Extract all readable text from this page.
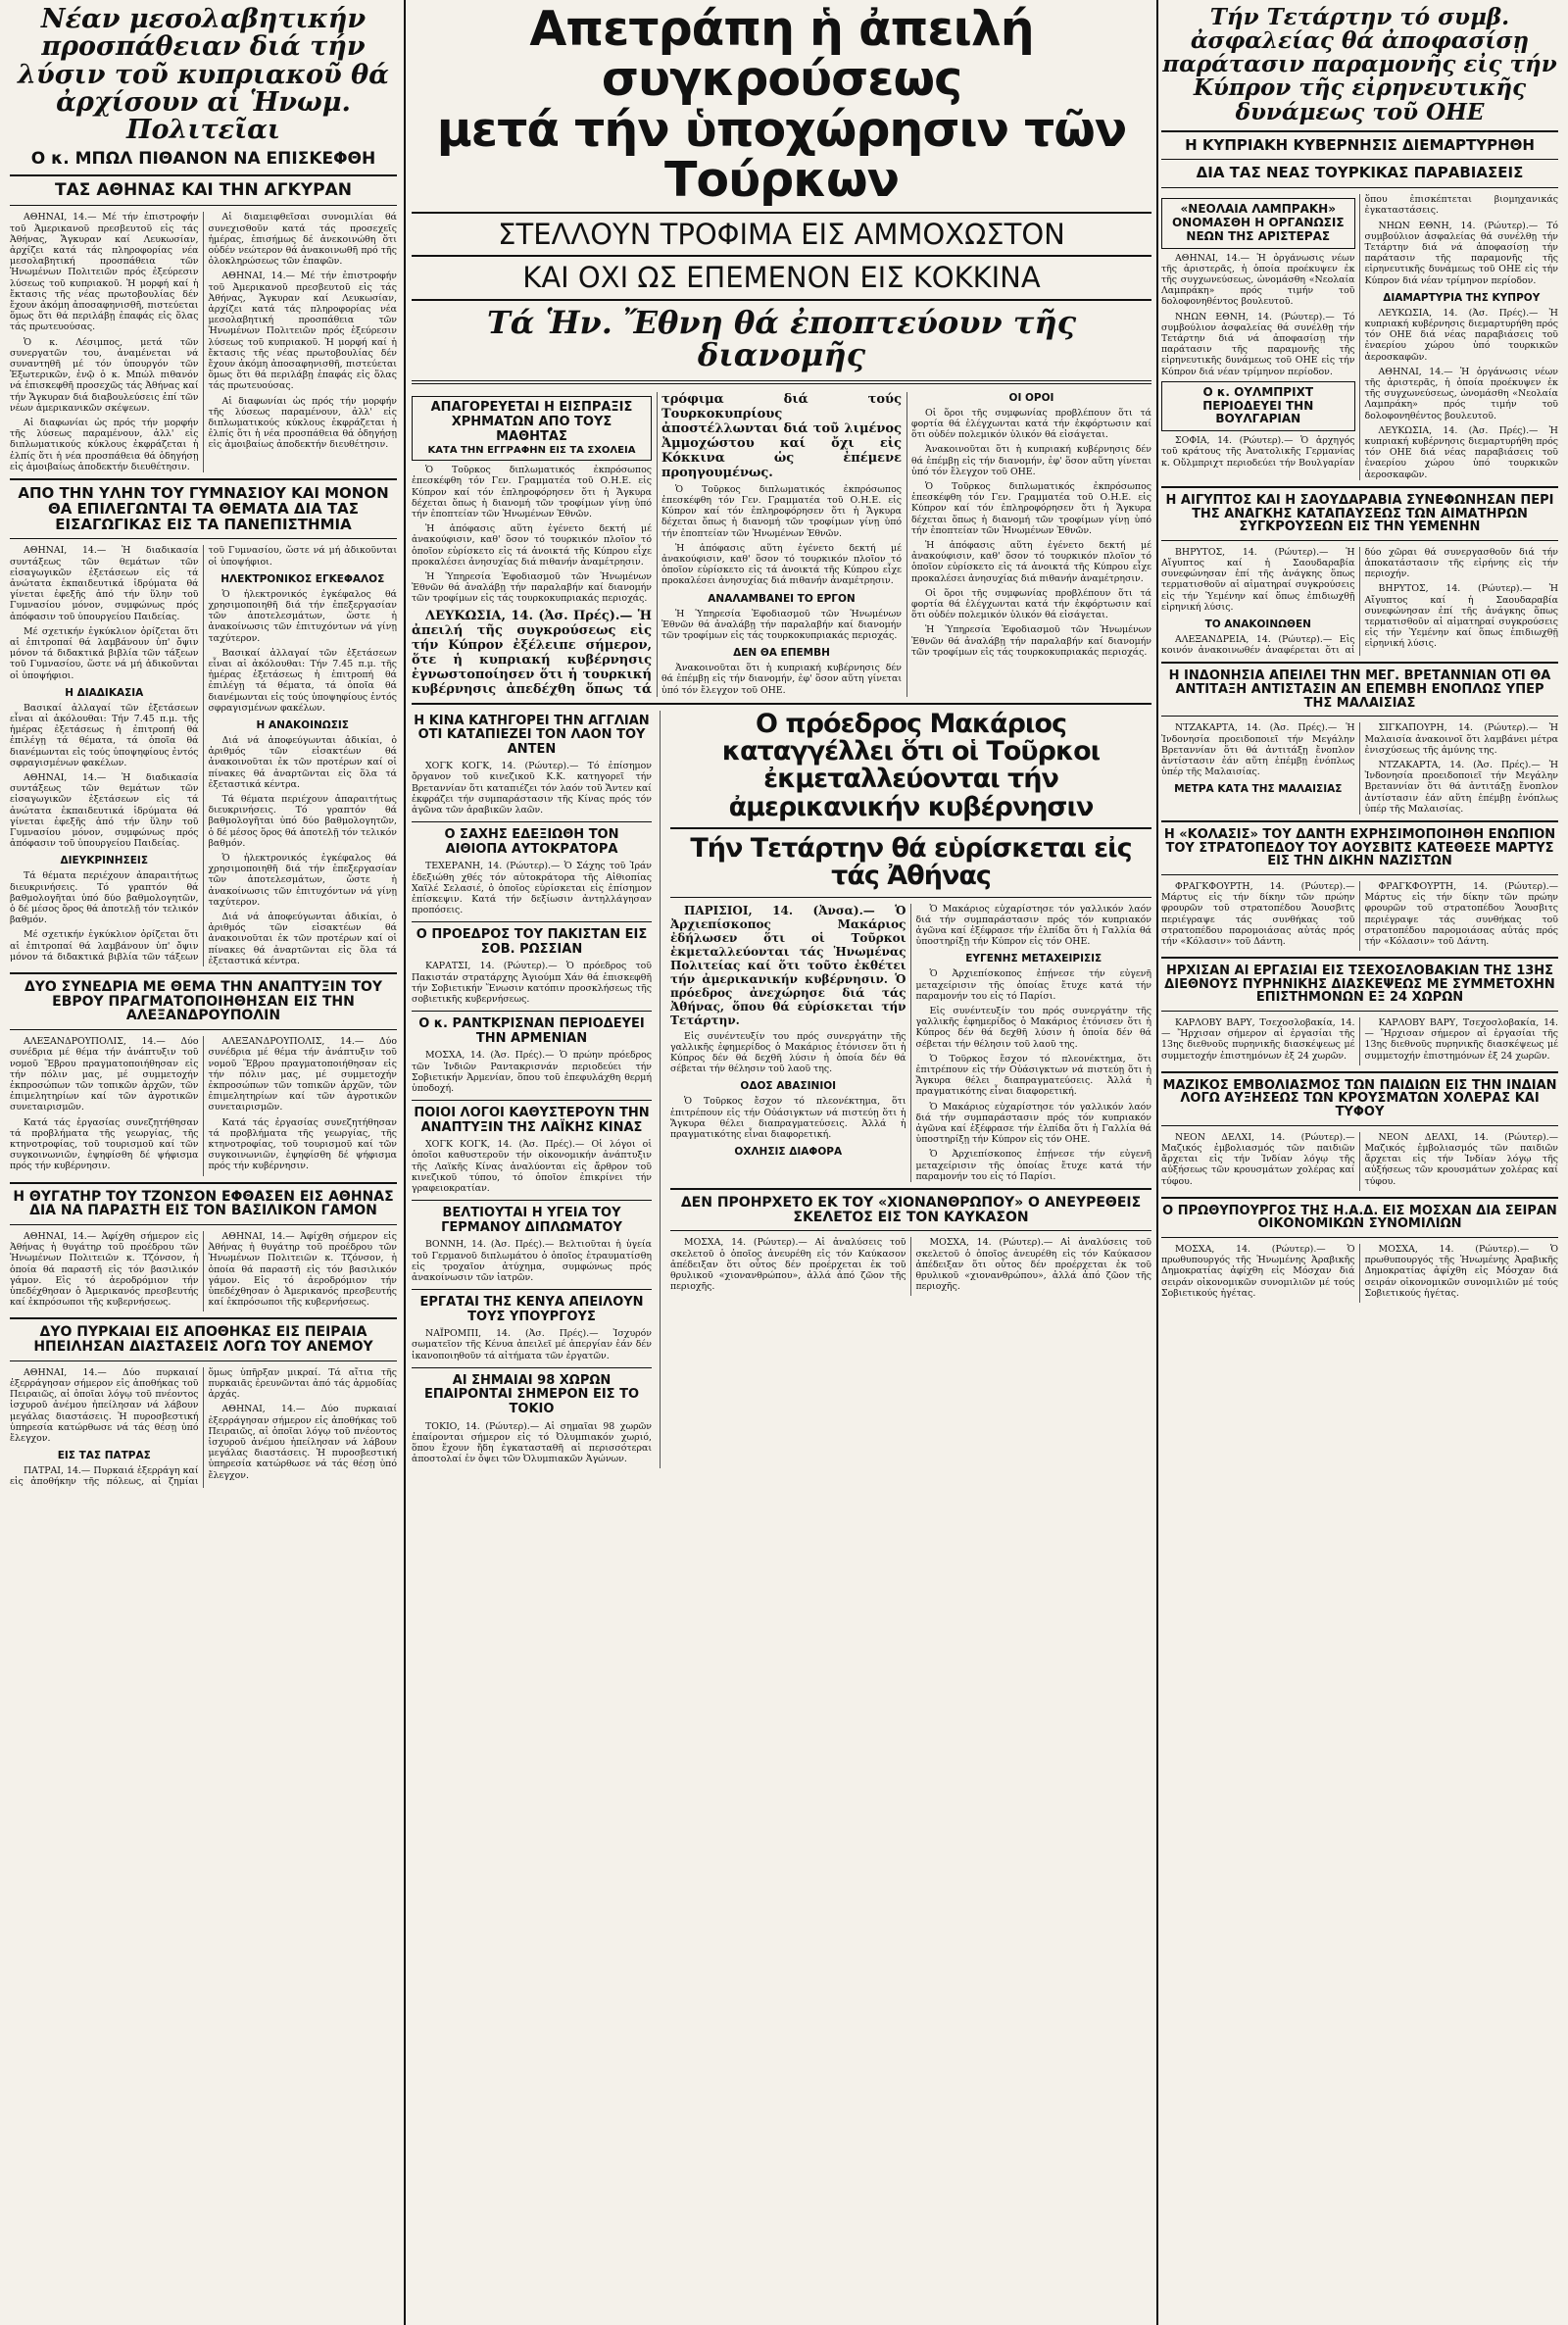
Νέαν μεσολαβητικήν προσπάθειαν διά τήν λύσιν τοῦ κυπριακοῦ θά ἀρχίσουν αἱ Ἡνωμ. Πολιτεῖαι
Ο κ. ΜΠΩΛ ΠΙΘΑΝΟΝ ΝΑ ΕΠΙΣΚΕΦΘΗ
ΤΑΣ ΑΘΗΝΑΣ ΚΑΙ ΤΗΝ ΑΓΚΥΡΑΝ

ΑΘΗΝΑΙ, 14.— Μέ τήν ἐπιστροφήν τοῦ Ἀμερικανοῦ πρεσβευτοῦ εἰς τάς Ἀθήνας, Ἄγκυραν καί Λευκωσίαν, ἀρχίζει κατά τάς πληροφορίας νέα μεσολαβητική προσπάθεια τῶν Ἡνωμένων Πολιτειῶν πρός ἐξεύρεσιν λύσεως τοῦ κυπριακοῦ. Ἡ μορφή καί ἡ ἔκτασις τῆς νέας πρωτοβουλίας δέν ἔχουν ἀκόμη ἀποσαφηνισθῆ, πιστεύεται ὅμως ὅτι θά περιλάβῃ ἐπαφάς εἰς ὅλας τάς πρωτευούσας.

Ὁ κ. Λέσιμπος, μετά τῶν συνεργατῶν του, ἀναμένεται νά συναντηθῆ μέ τόν ὑπουργόν τῶν Ἐξωτερικῶν, ἐνῷ ὁ κ. Μπώλ πιθανόν νά ἐπισκεφθῆ προσεχῶς τάς Ἀθήνας καί τήν Ἄγκυραν διά διαβουλεύσεις ἐπί τῶν νέων ἀμερικανικῶν σκέψεων.

Αἱ διαφωνίαι ὡς πρός τήν μορφήν τῆς λύσεως παραμένουν, ἀλλ' εἰς διπλωματικούς κύκλους ἐκφράζεται ἡ ἐλπίς ὅτι ἡ νέα προσπάθεια θά ὁδηγήσῃ εἰς ἀμοιβαίως ἀποδεκτήν διευθέτησιν.

Αἱ διαμειφθεῖσαι συνομιλίαι θά συνεχισθοῦν κατά τάς προσεχεῖς ἡμέρας, ἐπισήμως δέ ἀνεκοινώθη ὅτι οὐδέν νεώτερον θά ἀνακοινωθῆ πρό τῆς ὁλοκληρώσεως τῶν ἐπαφῶν.

ΑΘΗΝΑΙ, 14.— Μέ τήν ἐπιστροφήν τοῦ Ἀμερικανοῦ πρεσβευτοῦ εἰς τάς Ἀθήνας, Ἄγκυραν καί Λευκωσίαν, ἀρχίζει κατά τάς πληροφορίας νέα μεσολαβητική προσπάθεια τῶν Ἡνωμένων Πολιτειῶν πρός ἐξεύρεσιν λύσεως τοῦ κυπριακοῦ. Ἡ μορφή καί ἡ ἔκτασις τῆς νέας πρωτοβουλίας δέν ἔχουν ἀκόμη ἀποσαφηνισθῆ, πιστεύεται ὅμως ὅτι θά περιλάβῃ ἐπαφάς εἰς ὅλας τάς πρωτευούσας.

Αἱ διαφωνίαι ὡς πρός τήν μορφήν τῆς λύσεως παραμένουν, ἀλλ' εἰς διπλωματικούς κύκλους ἐκφράζεται ἡ ἐλπίς ὅτι ἡ νέα προσπάθεια θά ὁδηγήσῃ εἰς ἀμοιβαίως ἀποδεκτήν διευθέτησιν.

ΑΠΟ ΤΗΝ ΥΛΗΝ ΤΟΥ ΓΥΜΝΑΣΙΟΥ ΚΑΙ ΜΟΝΟΝ ΘΑ ΕΠΙΛΕΓΩΝΤΑΙ ΤΑ ΘΕΜΑΤΑ ΔΙΑ ΤΑΣ ΕΙΣΑΓΩΓΙΚΑΣ ΕΙΣ ΤΑ ΠΑΝΕΠΙΣΤΗΜΙΑ

ΑΘΗΝΑΙ, 14.— Ἡ διαδικασία συντάξεως τῶν θεμάτων τῶν εἰσαγωγικῶν ἐξετάσεων εἰς τά ἀνώτατα ἐκπαιδευτικά ἱδρύματα θά γίνεται ἐφεξῆς ἀπό τήν ὕλην τοῦ Γυμνασίου μόνον, συμφώνως πρός ἀπόφασιν τοῦ ὑπουργείου Παιδείας.

Μέ σχετικήν ἐγκύκλιον ὁρίζεται ὅτι αἱ ἐπιτροπαί θά λαμβάνουν ὑπ' ὄψιν μόνον τά διδακτικά βιβλία τῶν τάξεων τοῦ Γυμνασίου, ὥστε νά μή ἀδικοῦνται οἱ ὑποψήφιοι.

Η ΔΙΑΔΙΚΑΣΙΑ

Βασικαί ἀλλαγαί τῶν ἐξετάσεων εἶναι αἱ ἀκόλουθαι: Τήν 7.45 π.μ. τῆς ἡμέρας ἐξετάσεως ἡ ἐπιτροπή θά ἐπιλέγῃ τά θέματα, τά ὁποῖα θά διανέμωνται εἰς τούς ὑποψηφίους ἐντός σφραγισμένων φακέλων.

ΑΘΗΝΑΙ, 14.— Ἡ διαδικασία συντάξεως τῶν θεμάτων τῶν εἰσαγωγικῶν ἐξετάσεων εἰς τά ἀνώτατα ἐκπαιδευτικά ἱδρύματα θά γίνεται ἐφεξῆς ἀπό τήν ὕλην τοῦ Γυμνασίου μόνον, συμφώνως πρός ἀπόφασιν τοῦ ὑπουργείου Παιδείας.

ΔΙΕΥΚΡΙΝΗΣΕΙΣ

Τά θέματα περιέχουν ἀπαραιτήτως διευκρινήσεις. Τό γραπτόν θά βαθμολογῆται ὑπό δύο βαθμολογητῶν, ὁ δέ μέσος ὅρος θά ἀποτελῇ τόν τελικόν βαθμόν.

Μέ σχετικήν ἐγκύκλιον ὁρίζεται ὅτι αἱ ἐπιτροπαί θά λαμβάνουν ὑπ' ὄψιν μόνον τά διδακτικά βιβλία τῶν τάξεων τοῦ Γυμνασίου, ὥστε νά μή ἀδικοῦνται οἱ ὑποψήφιοι.

ΗΛΕΚΤΡΟΝΙΚΟΣ ΕΓΚΕΦΑΛΟΣ

Ὁ ἠλεκτρονικός ἐγκέφαλος θά χρησιμοποιηθῆ διά τήν ἐπεξεργασίαν τῶν ἀποτελεσμάτων, ὥστε ἡ ἀνακοίνωσις τῶν ἐπιτυχόντων νά γίνῃ ταχύτερον.

Βασικαί ἀλλαγαί τῶν ἐξετάσεων εἶναι αἱ ἀκόλουθαι: Τήν 7.45 π.μ. τῆς ἡμέρας ἐξετάσεως ἡ ἐπιτροπή θά ἐπιλέγῃ τά θέματα, τά ὁποῖα θά διανέμωνται εἰς τούς ὑποψηφίους ἐντός σφραγισμένων φακέλων.

Η ΑΝΑΚΟΙΝΩΣΙΣ

Διά νά ἀποφεύγωνται ἀδικίαι, ὁ ἀριθμός τῶν εἰσακτέων θά ἀνακοινοῦται ἐκ τῶν προτέρων καί οἱ πίνακες θά ἀναρτῶνται εἰς ὅλα τά ἐξεταστικά κέντρα.

Τά θέματα περιέχουν ἀπαραιτήτως διευκρινήσεις. Τό γραπτόν θά βαθμολογῆται ὑπό δύο βαθμολογητῶν, ὁ δέ μέσος ὅρος θά ἀποτελῇ τόν τελικόν βαθμόν.

Ὁ ἠλεκτρονικός ἐγκέφαλος θά χρησιμοποιηθῆ διά τήν ἐπεξεργασίαν τῶν ἀποτελεσμάτων, ὥστε ἡ ἀνακοίνωσις τῶν ἐπιτυχόντων νά γίνῃ ταχύτερον.

Διά νά ἀποφεύγωνται ἀδικίαι, ὁ ἀριθμός τῶν εἰσακτέων θά ἀνακοινοῦται ἐκ τῶν προτέρων καί οἱ πίνακες θά ἀναρτῶνται εἰς ὅλα τά ἐξεταστικά κέντρα.

ΔΥΟ ΣΥΝΕΔΡΙΑ ΜΕ ΘΕΜΑ ΤΗΝ ΑΝΑΠΤΥΞΙΝ ΤΟΥ ΕΒΡΟΥ ΠΡΑΓΜΑΤΟΠΟΙΗΘΗΣΑΝ ΕΙΣ ΤΗΝ ΑΛΕΞΑΝΔΡΟΥΠΟΛΙΝ

ΑΛΕΞΑΝΔΡΟΥΠΟΛΙΣ, 14.— Δύο συνέδρια μέ θέμα τήν ἀνάπτυξιν τοῦ νομοῦ Ἕβρου πραγματοποιήθησαν εἰς τήν πόλιν μας, μέ συμμετοχήν ἐκπροσώπων τῶν τοπικῶν ἀρχῶν, τῶν ἐπιμελητηρίων καί τῶν ἀγροτικῶν συνεταιρισμῶν.

Κατά τάς ἐργασίας συνεζητήθησαν τά προβλήματα τῆς γεωργίας, τῆς κτηνοτροφίας, τοῦ τουρισμοῦ καί τῶν συγκοινωνιῶν, ἐψηφίσθη δέ ψήφισμα πρός τήν κυβέρνησιν.

ΑΛΕΞΑΝΔΡΟΥΠΟΛΙΣ, 14.— Δύο συνέδρια μέ θέμα τήν ἀνάπτυξιν τοῦ νομοῦ Ἕβρου πραγματοποιήθησαν εἰς τήν πόλιν μας, μέ συμμετοχήν ἐκπροσώπων τῶν τοπικῶν ἀρχῶν, τῶν ἐπιμελητηρίων καί τῶν ἀγροτικῶν συνεταιρισμῶν.

Κατά τάς ἐργασίας συνεζητήθησαν τά προβλήματα τῆς γεωργίας, τῆς κτηνοτροφίας, τοῦ τουρισμοῦ καί τῶν συγκοινωνιῶν, ἐψηφίσθη δέ ψήφισμα πρός τήν κυβέρνησιν.

Η ΘΥΓΑΤΗΡ ΤΟΥ ΤΖΟΝΣΟΝ ΕΦΘΑΣΕΝ ΕΙΣ ΑΘΗΝΑΣ ΔΙΑ ΝΑ ΠΑΡΑΣΤΗ ΕΙΣ ΤΟΝ ΒΑΣΙΛΙΚΟΝ ΓΑΜΟΝ

ΑΘΗΝΑΙ, 14.— Ἀφίχθη σήμερον εἰς Ἀθήνας ἡ θυγάτηρ τοῦ προέδρου τῶν Ἡνωμένων Πολιτειῶν κ. Τζόνσον, ἡ ὁποία θά παραστῆ εἰς τόν βασιλικόν γάμον. Εἰς τό ἀεροδρόμιον τήν ὑπεδέχθησαν ὁ Ἀμερικανός πρεσβευτής καί ἐκπρόσωποι τῆς κυβερνήσεως.

ΑΘΗΝΑΙ, 14.— Ἀφίχθη σήμερον εἰς Ἀθήνας ἡ θυγάτηρ τοῦ προέδρου τῶν Ἡνωμένων Πολιτειῶν κ. Τζόνσον, ἡ ὁποία θά παραστῆ εἰς τόν βασιλικόν γάμον. Εἰς τό ἀεροδρόμιον τήν ὑπεδέχθησαν ὁ Ἀμερικανός πρεσβευτής καί ἐκπρόσωποι τῆς κυβερνήσεως.

ΔΥΟ ΠΥΡΚΑΙΑΙ ΕΙΣ ΑΠΟΘΗΚΑΣ ΕΙΣ ΠΕΙΡΑΙΑ ΗΠΕΙΛΗΣΑΝ ΔΙΑΣΤΑΣΕΙΣ ΛΟΓΩ ΤΟΥ ΑΝΕΜΟΥ

ΑΘΗΝΑΙ, 14.— Δύο πυρκαιαί ἐξερράγησαν σήμερον εἰς ἀποθήκας τοῦ Πειραιῶς, αἱ ὁποῖαι λόγῳ τοῦ πνέοντος ἰσχυροῦ ἀνέμου ἠπείλησαν νά λάβουν μεγάλας διαστάσεις. Ἡ πυροσβεστική ὑπηρεσία κατώρθωσε νά τάς θέσῃ ὑπό ἔλεγχον.

ΕΙΣ ΤΑΣ ΠΑΤΡΑΣ

ΠΑΤΡΑΙ, 14.— Πυρκαιά ἐξερράγη καί εἰς ἀποθήκην τῆς πόλεως, αἱ ζημίαι ὅμως ὑπῆρξαν μικραί. Τά αἴτια τῆς πυρκαιᾶς ἐρευνῶνται ἀπό τάς ἀρμοδίας ἀρχάς.

ΑΘΗΝΑΙ, 14.— Δύο πυρκαιαί ἐξερράγησαν σήμερον εἰς ἀποθήκας τοῦ Πειραιῶς, αἱ ὁποῖαι λόγῳ τοῦ πνέοντος ἰσχυροῦ ἀνέμου ἠπείλησαν νά λάβουν μεγάλας διαστάσεις. Ἡ πυροσβεστική ὑπηρεσία κατώρθωσε νά τάς θέσῃ ὑπό ἔλεγχον.

Απετράπη ἡ ἀπειλή συγκρούσεως
μετά τήν ὑποχώρησιν τῶν Τούρκων
ΣΤΕΛΛΟΥΝ ΤΡΟΦΙΜΑ ΕΙΣ ΑΜΜΟΧΩΣΤΟΝ
ΚΑΙ ΟΧΙ ΩΣ ΕΠΕΜΕΝΟΝ ΕΙΣ ΚΟΚΚΙΝΑ
Τά Ἡν. Ἔθνη θά ἐποπτεύουν τῆς διανομῆς
ΑΠΑΓΟΡΕΥΕΤΑΙ Η ΕΙΣΠΡΑΞΙΣ ΧΡΗΜΑΤΩΝ ΑΠΟ ΤΟΥΣ ΜΑΘΗΤΑΣ
ΚΑΤΑ ΤΗΝ ΕΓΓΡΑΦΗΝ ΕΙΣ ΤΑ ΣΧΟΛΕΙΑ

Ὁ Τοῦρκος διπλωματικός ἐκπρόσωπος ἐπεσκέφθη τόν Γεν. Γραμματέα τοῦ Ο.Η.Ε. εἰς Κύπρον καί τόν ἐπληροφόρησεν ὅτι ἡ Ἄγκυρα δέχεται ὅπως ἡ διανομή τῶν τροφίμων γίνῃ ὑπό τήν ἐποπτείαν τῶν Ἡνωμένων Ἐθνῶν.

Ἡ ἀπόφασις αὕτη ἐγένετο δεκτή μέ ἀνακούφισιν, καθ' ὅσον τό τουρκικόν πλοῖον τό ὁποῖον εὑρίσκετο εἰς τά ἀνοικτά τῆς Κύπρου εἶχε προκαλέσει ἀνησυχίας διά πιθανήν ἀναμέτρησιν.

Ἡ Ὑπηρεσία Ἐφοδιασμοῦ τῶν Ἡνωμένων Ἐθνῶν θά ἀναλάβῃ τήν παραλαβήν καί διανομήν τῶν τροφίμων εἰς τάς τουρκοκυπριακάς περιοχάς.

ΛΕΥΚΩΣΙΑ, 14. (Ἀσ. Πρές).— Ἡ ἀπειλή τῆς συγκρούσεως εἰς τήν Κύπρον ἐξέλειπε σήμερον, ὅτε ἡ κυπριακή κυβέρνησις ἐγνωστοποίησεν ὅτι ἡ τουρκική κυβέρνησις ἀπεδέχθη ὅπως τά τρόφιμα διά τούς Τουρκοκυπρίους ἀποστέλλωνται διά τοῦ λιμένος Ἀμμοχώστου καί ὄχι εἰς Κόκκινα ὡς ἐπέμενε προηγουμένως.

Ὁ Τοῦρκος διπλωματικός ἐκπρόσωπος ἐπεσκέφθη τόν Γεν. Γραμματέα τοῦ Ο.Η.Ε. εἰς Κύπρον καί τόν ἐπληροφόρησεν ὅτι ἡ Ἄγκυρα δέχεται ὅπως ἡ διανομή τῶν τροφίμων γίνῃ ὑπό τήν ἐποπτείαν τῶν Ἡνωμένων Ἐθνῶν.

Ἡ ἀπόφασις αὕτη ἐγένετο δεκτή μέ ἀνακούφισιν, καθ' ὅσον τό τουρκικόν πλοῖον τό ὁποῖον εὑρίσκετο εἰς τά ἀνοικτά τῆς Κύπρου εἶχε προκαλέσει ἀνησυχίας διά πιθανήν ἀναμέτρησιν.

ΑΝΑΛΑΜΒΑΝΕΙ ΤΟ ΕΡΓΟΝ

Ἡ Ὑπηρεσία Ἐφοδιασμοῦ τῶν Ἡνωμένων Ἐθνῶν θά ἀναλάβῃ τήν παραλαβήν καί διανομήν τῶν τροφίμων εἰς τάς τουρκοκυπριακάς περιοχάς.

ΔΕΝ ΘΑ ΕΠΕΜΒΗ

Ἀνακοινοῦται ὅτι ἡ κυπριακή κυβέρνησις δέν θά ἐπέμβῃ εἰς τήν διανομήν, ἐφ' ὅσον αὕτη γίνεται ὑπό τόν ἔλεγχον τοῦ ΟΗΕ.

ΟΙ ΟΡΟΙ

Οἱ ὅροι τῆς συμφωνίας προβλέπουν ὅτι τά φορτία θά ἐλέγχωνται κατά τήν ἐκφόρτωσιν καί ὅτι οὐδέν πολεμικόν ὑλικόν θά εἰσάγεται.

Ἀνακοινοῦται ὅτι ἡ κυπριακή κυβέρνησις δέν θά ἐπέμβῃ εἰς τήν διανομήν, ἐφ' ὅσον αὕτη γίνεται ὑπό τόν ἔλεγχον τοῦ ΟΗΕ.

Ὁ Τοῦρκος διπλωματικός ἐκπρόσωπος ἐπεσκέφθη τόν Γεν. Γραμματέα τοῦ Ο.Η.Ε. εἰς Κύπρον καί τόν ἐπληροφόρησεν ὅτι ἡ Ἄγκυρα δέχεται ὅπως ἡ διανομή τῶν τροφίμων γίνῃ ὑπό τήν ἐποπτείαν τῶν Ἡνωμένων Ἐθνῶν.

Ἡ ἀπόφασις αὕτη ἐγένετο δεκτή μέ ἀνακούφισιν, καθ' ὅσον τό τουρκικόν πλοῖον τό ὁποῖον εὑρίσκετο εἰς τά ἀνοικτά τῆς Κύπρου εἶχε προκαλέσει ἀνησυχίας διά πιθανήν ἀναμέτρησιν.

Οἱ ὅροι τῆς συμφωνίας προβλέπουν ὅτι τά φορτία θά ἐλέγχωνται κατά τήν ἐκφόρτωσιν καί ὅτι οὐδέν πολεμικόν ὑλικόν θά εἰσάγεται.

Ἡ Ὑπηρεσία Ἐφοδιασμοῦ τῶν Ἡνωμένων Ἐθνῶν θά ἀναλάβῃ τήν παραλαβήν καί διανομήν τῶν τροφίμων εἰς τάς τουρκοκυπριακάς περιοχάς.

Η ΚΙΝΑ ΚΑΤΗΓΟΡΕΙ ΤΗΝ ΑΓΓΛΙΑΝ ΟΤΙ ΚΑΤΑΠΙΕΖΕΙ ΤΟΝ ΛΑΟΝ ΤΟΥ ΑΝΤΕΝ

ΧΟΓΚ ΚΟΓΚ, 14. (Ρώυτερ).— Τό ἐπίσημον ὄργανον τοῦ κινεζικοῦ Κ.Κ. κατηγορεῖ τήν Βρεταννίαν ὅτι καταπιέζει τόν λαόν τοῦ Ἄντεν καί ἐκφράζει τήν συμπαράστασιν τῆς Κίνας πρός τόν ἀγῶνα τῶν ἀραβικῶν λαῶν.

Ο ΣΑΧΗΣ ΕΔΕΞΙΩΘΗ ΤΟΝ ΑΙΘΙΟΠΑ ΑΥΤΟΚΡΑΤΟΡΑ

ΤΕΧΕΡΑΝΗ, 14. (Ρώυτερ).— Ὁ Σάχης τοῦ Ἰράν ἐδεξιώθη χθές τόν αὐτοκράτορα τῆς Αἰθιοπίας Χαϊλέ Σελασιέ, ὁ ὁποῖος εὑρίσκεται εἰς ἐπίσημον ἐπίσκεψιν. Κατά τήν δεξίωσιν ἀντηλλάγησαν προπόσεις.

Ο ΠΡΟΕΔΡΟΣ ΤΟΥ ΠΑΚΙΣΤΑΝ ΕΙΣ ΣΟΒ. ΡΩΣΣΙΑΝ

ΚΑΡΑΤΣΙ, 14. (Ρώυτερ).— Ὁ πρόεδρος τοῦ Πακιστάν στρατάρχης Ἀγιούμπ Χάν θά ἐπισκεφθῆ τήν Σοβιετικήν Ἕνωσιν κατόπιν προσκλήσεως τῆς σοβιετικῆς κυβερνήσεως.

Ο κ. ΡΑΝΤΚΡΙΣΝΑΝ ΠΕΡΙΟΔΕΥΕΙ ΤΗΝ ΑΡΜΕΝΙΑΝ

ΜΟΣΧΑ, 14. (Ἀσ. Πρές).— Ὁ πρώην πρόεδρος τῶν Ἰνδιῶν Ραντακρισνάν περιοδεύει τήν Σοβιετικήν Ἀρμενίαν, ὅπου τοῦ ἐπεφυλάχθη θερμή ὑποδοχή.

ΠΟΙΟΙ ΛΟΓΟΙ ΚΑΘΥΣΤΕΡΟΥΝ ΤΗΝ ΑΝΑΠΤΥΞΙΝ ΤΗΣ ΛΑΪΚΗΣ ΚΙΝΑΣ

ΧΟΓΚ ΚΟΓΚ, 14. (Ἀσ. Πρές).— Οἱ λόγοι οἱ ὁποῖοι καθυστεροῦν τήν οἰκονομικήν ἀνάπτυξιν τῆς Λαϊκῆς Κίνας ἀναλύονται εἰς ἄρθρον τοῦ κινεζικοῦ τύπου, τό ὁποῖον ἐπικρίνει τήν γραφειοκρατίαν.

ΒΕΛΤΙΟΥΤΑΙ Η ΥΓΕΙΑ ΤΟΥ ΓΕΡΜΑΝΟΥ ΔΙΠΛΩΜΑΤΟΥ

ΒΟΝΝΗ, 14. (Ἀσ. Πρές).— Βελτιοῦται ἡ ὑγεία τοῦ Γερμανοῦ διπλωμάτου ὁ ὁποῖος ἐτραυματίσθη εἰς τροχαῖον ἀτύχημα, συμφώνως πρός ἀνακοίνωσιν τῶν ἰατρῶν.

ΕΡΓΑΤΑΙ ΤΗΣ ΚΕΝΥΑ ΑΠΕΙΛΟΥΝ ΤΟΥΣ ΥΠΟΥΡΓΟΥΣ

ΝΑΪΡΟΜΠΙ, 14. (Ἀσ. Πρές).— Ἰσχυρόν σωματεῖον τῆς Κένυα ἀπειλεῖ μέ ἀπεργίαν ἐάν δέν ἱκανοποιηθοῦν τά αἰτήματα τῶν ἐργατῶν.

ΑΙ ΣΗΜΑΙΑΙ 98 ΧΩΡΩΝ ΕΠΑΙΡΟΝΤΑΙ ΣΗΜΕΡΟΝ ΕΙΣ ΤΟ ΤΟΚΙΟ

ΤΟΚΙΟ, 14. (Ρώυτερ).— Αἱ σημαῖαι 98 χωρῶν ἐπαίρονται σήμερον εἰς τό Ὀλυμπιακόν χωριό, ὅπου ἔχουν ἤδη ἐγκατασταθῆ αἱ περισσότεραι ἀποστολαί ἐν ὄψει τῶν Ὀλυμπιακῶν Ἀγώνων.

Ο πρόεδρος Μακάριος καταγγέλλει ὅτι οἱ Τοῦρκοι
ἐκμεταλλεύονται τήν ἀμερικανικήν κυβέρνησιν
Τήν Τετάρτην θά εὑρίσκεται εἰς τάς Ἀθήνας

ΠΑΡΙΣΙΟΙ, 14. (Ἀνσα).— Ὁ Ἀρχιεπίσκοπος Μακάριος ἐδήλωσεν ὅτι οἱ Τοῦρκοι ἐκμεταλλεύονται τάς Ἡνωμένας Πολιτείας καί ὅτι τοῦτο ἐκθέτει τήν ἀμερικανικήν κυβέρνησιν. Ὁ πρόεδρος ἀνεχώρησε διά τάς Ἀθήνας, ὅπου θά εὑρίσκεται τήν Τετάρτην.

Εἰς συνέντευξίν του πρός συνεργάτην τῆς γαλλικῆς ἐφημερίδος ὁ Μακάριος ἐτόνισεν ὅτι ἡ Κύπρος δέν θά δεχθῆ λύσιν ἡ ὁποία δέν θά σέβεται τήν θέλησιν τοῦ λαοῦ της.

ΟΔΟΣ ΑΒΑΣΙΝΙΟΙ

Ὁ Τοῦρκος ἔσχον τό πλεονέκτημα, ὅτι ἐπιτρέπουν εἰς τήν Οὐάσιγκτων νά πιστεύῃ ὅτι ἡ Ἄγκυρα θέλει διαπραγματεύσεις. Ἀλλά ἡ πραγματικότης εἶναι διαφορετική.

ΟΧΛΗΣΙΣ ΔΙΑΦΟΡΑ

Ὁ Μακάριος εὐχαρίστησε τόν γαλλικόν λαόν διά τήν συμπαράστασιν πρός τόν κυπριακόν ἀγῶνα καί ἐξέφρασε τήν ἐλπίδα ὅτι ἡ Γαλλία θά ὑποστηρίξῃ τήν Κύπρον εἰς τόν ΟΗΕ.

ΕΥΓΕΝΗΣ ΜΕΤΑΧΕΙΡΙΣΙΣ

Ὁ Ἀρχιεπίσκοπος ἐπῄνεσε τήν εὐγενῆ μεταχείρισιν τῆς ὁποίας ἔτυχε κατά τήν παραμονήν του εἰς τό Παρίσι.

Εἰς συνέντευξίν του πρός συνεργάτην τῆς γαλλικῆς ἐφημερίδος ὁ Μακάριος ἐτόνισεν ὅτι ἡ Κύπρος δέν θά δεχθῆ λύσιν ἡ ὁποία δέν θά σέβεται τήν θέλησιν τοῦ λαοῦ της.

Ὁ Τοῦρκος ἔσχον τό πλεονέκτημα, ὅτι ἐπιτρέπουν εἰς τήν Οὐάσιγκτων νά πιστεύῃ ὅτι ἡ Ἄγκυρα θέλει διαπραγματεύσεις. Ἀλλά ἡ πραγματικότης εἶναι διαφορετική.

Ὁ Μακάριος εὐχαρίστησε τόν γαλλικόν λαόν διά τήν συμπαράστασιν πρός τόν κυπριακόν ἀγῶνα καί ἐξέφρασε τήν ἐλπίδα ὅτι ἡ Γαλλία θά ὑποστηρίξῃ τήν Κύπρον εἰς τόν ΟΗΕ.

Ὁ Ἀρχιεπίσκοπος ἐπῄνεσε τήν εὐγενῆ μεταχείρισιν τῆς ὁποίας ἔτυχε κατά τήν παραμονήν του εἰς τό Παρίσι.

ΔΕΝ ΠΡΟΗΡΧΕΤΟ ΕΚ ΤΟΥ «ΧΙΟΝΑΝΘΡΩΠΟΥ» Ο ΑΝΕΥΡΕΘΕΙΣ ΣΚΕΛΕΤΟΣ ΕΙΣ ΤΟΝ ΚΑΥΚΑΣΟΝ

ΜΟΣΧΑ, 14. (Ρώυτερ).— Αἱ ἀναλύσεις τοῦ σκελετοῦ ὁ ὁποῖος ἀνευρέθη εἰς τόν Καύκασον ἀπέδειξαν ὅτι οὗτος δέν προέρχεται ἐκ τοῦ θρυλικοῦ «χιονανθρώπου», ἀλλά ἀπό ζῶον τῆς περιοχῆς.

ΜΟΣΧΑ, 14. (Ρώυτερ).— Αἱ ἀναλύσεις τοῦ σκελετοῦ ὁ ὁποῖος ἀνευρέθη εἰς τόν Καύκασον ἀπέδειξαν ὅτι οὗτος δέν προέρχεται ἐκ τοῦ θρυλικοῦ «χιονανθρώπου», ἀλλά ἀπό ζῶον τῆς περιοχῆς.

Τήν Τετάρτην τό συμβ. ἀσφαλείας θά ἀποφασίσῃ παράτασιν παραμονῆς εἰς τήν Κύπρον τῆς εἰρηνευτικῆς δυνάμεως τοῦ ΟΗΕ
Η ΚΥΠΡΙΑΚΗ ΚΥΒΕΡΝΗΣΙΣ ΔΙΕΜΑΡΤΥΡΗΘΗ
ΔΙΑ ΤΑΣ ΝΕΑΣ ΤΟΥΡΚΙΚΑΣ ΠΑΡΑΒΙΑΣΕΙΣ
«ΝΕΟΛΑΙΑ ΛΑΜΠΡΑΚΗ» ΟΝΟΜΑΣΘΗ Η ΟΡΓΑΝΩΣΙΣ ΝΕΩΝ ΤΗΣ ΑΡΙΣΤΕΡΑΣ

ΑΘΗΝΑΙ, 14.— Ἡ ὀργάνωσις νέων τῆς ἀριστερᾶς, ἡ ὁποία προέκυψεν ἐκ τῆς συγχωνεύσεως, ὠνομάσθη «Νεολαία Λαμπράκη» πρός τιμήν τοῦ δολοφονηθέντος βουλευτοῦ.

ΝΗΩΝ ΕΘΝΗ, 14. (Ρώυτερ).— Τό συμβούλιον ἀσφαλείας θά συνέλθῃ τήν Τετάρτην διά νά ἀποφασίσῃ τήν παράτασιν τῆς παραμονῆς τῆς εἰρηνευτικῆς δυνάμεως τοῦ ΟΗΕ εἰς τήν Κύπρον διά νέαν τρίμηνον περίοδον.

Ο κ. ΟΥΛΜΠΡΙΧΤ ΠΕΡΙΟΔΕΥΕΙ ΤΗΝ ΒΟΥΛΓΑΡΙΑΝ

ΣΟΦΙΑ, 14. (Ρώυτερ).— Ὁ ἀρχηγός τοῦ κράτους τῆς Ἀνατολικῆς Γερμανίας κ. Οὔλμπριχτ περιοδεύει τήν Βουλγαρίαν ὅπου ἐπισκέπτεται βιομηχανικάς ἐγκαταστάσεις.

ΝΗΩΝ ΕΘΝΗ, 14. (Ρώυτερ).— Τό συμβούλιον ἀσφαλείας θά συνέλθῃ τήν Τετάρτην διά νά ἀποφασίσῃ τήν παράτασιν τῆς παραμονῆς τῆς εἰρηνευτικῆς δυνάμεως τοῦ ΟΗΕ εἰς τήν Κύπρον διά νέαν τρίμηνον περίοδον.

ΔΙΑΜΑΡΤΥΡΙΑ ΤΗΣ ΚΥΠΡΟΥ

ΛΕΥΚΩΣΙΑ, 14. (Ἀσ. Πρές).— Ἡ κυπριακή κυβέρνησις διεμαρτυρήθη πρός τόν ΟΗΕ διά νέας παραβιάσεις τοῦ ἐναερίου χώρου ὑπό τουρκικῶν ἀεροσκαφῶν.

ΑΘΗΝΑΙ, 14.— Ἡ ὀργάνωσις νέων τῆς ἀριστερᾶς, ἡ ὁποία προέκυψεν ἐκ τῆς συγχωνεύσεως, ὠνομάσθη «Νεολαία Λαμπράκη» πρός τιμήν τοῦ δολοφονηθέντος βουλευτοῦ.

ΛΕΥΚΩΣΙΑ, 14. (Ἀσ. Πρές).— Ἡ κυπριακή κυβέρνησις διεμαρτυρήθη πρός τόν ΟΗΕ διά νέας παραβιάσεις τοῦ ἐναερίου χώρου ὑπό τουρκικῶν ἀεροσκαφῶν.

Η ΑΙΓΥΠΤΟΣ ΚΑΙ Η ΣΑΟΥΔΑΡΑΒΙΑ ΣΥΝΕΦΩΝΗΣΑΝ ΠΕΡΙ ΤΗΣ ΑΝΑΓΚΗΣ ΚΑΤΑΠΑΥΣΕΩΣ ΤΩΝ ΑΙΜΑΤΗΡΩΝ ΣΥΓΚΡΟΥΣΕΩΝ ΕΙΣ ΤΗΝ ΥΕΜΕΝΗΝ

ΒΗΡΥΤΟΣ, 14. (Ρώυτερ).— Ἡ Αἴγυπτος καί ἡ Σαουδαραβία συνεφώνησαν ἐπί τῆς ἀνάγκης ὅπως τερματισθοῦν αἱ αἱματηραί συγκρούσεις εἰς τήν Ὑεμένην καί ὅπως ἐπιδιωχθῇ εἰρηνική λύσις.

ΤΟ ΑΝΑΚΟΙΝΩΘΕΝ

ΑΛΕΞΑΝΔΡΕΙΑ, 14. (Ρώυτερ).— Εἰς κοινόν ἀνακοινωθέν ἀναφέρεται ὅτι αἱ δύο χῶραι θά συνεργασθοῦν διά τήν ἀποκατάστασιν τῆς εἰρήνης εἰς τήν περιοχήν.

ΒΗΡΥΤΟΣ, 14. (Ρώυτερ).— Ἡ Αἴγυπτος καί ἡ Σαουδαραβία συνεφώνησαν ἐπί τῆς ἀνάγκης ὅπως τερματισθοῦν αἱ αἱματηραί συγκρούσεις εἰς τήν Ὑεμένην καί ὅπως ἐπιδιωχθῇ εἰρηνική λύσις.

Η ΙΝΔΟΝΗΣΙΑ ΑΠΕΙΛΕΙ ΤΗΝ ΜΕΓ. ΒΡΕΤΑΝΝΙΑΝ ΟΤΙ ΘΑ ΑΝΤΙΤΑΞΗ ΑΝΤΙΣΤΑΣΙΝ ΑΝ ΕΠΕΜΒΗ ΕΝΟΠΛΩΣ ΥΠΕΡ ΤΗΣ ΜΑΛΑΙΣΙΑΣ

ΝΤΖΑΚΑΡΤΑ, 14. (Ἀσ. Πρές).— Ἡ Ἰνδονησία προειδοποιεῖ τήν Μεγάλην Βρεταννίαν ὅτι θά ἀντιτάξῃ ἔνοπλον ἀντίστασιν ἐάν αὕτη ἐπέμβῃ ἐνόπλως ὑπέρ τῆς Μαλαισίας.

ΜΕΤΡΑ ΚΑΤΑ ΤΗΣ ΜΑΛΑΙΣΙΑΣ

ΣΙΓΚΑΠΟΥΡΗ, 14. (Ρώυτερ).— Ἡ Μαλαισία ἀνακοινοῖ ὅτι λαμβάνει μέτρα ἐνισχύσεως τῆς ἀμύνης της.

ΝΤΖΑΚΑΡΤΑ, 14. (Ἀσ. Πρές).— Ἡ Ἰνδονησία προειδοποιεῖ τήν Μεγάλην Βρεταννίαν ὅτι θά ἀντιτάξῃ ἔνοπλον ἀντίστασιν ἐάν αὕτη ἐπέμβῃ ἐνόπλως ὑπέρ τῆς Μαλαισίας.

Η «ΚΟΛΑΣΙΣ» ΤΟΥ ΔΑΝΤΗ ΕΧΡΗΣΙΜΟΠΟΙΗΘΗ ΕΝΩΠΙΟΝ ΤΟΥ ΣΤΡΑΤΟΠΕΔΟΥ ΤΟΥ ΑΟΥΣΒΙΤΣ ΚΑΤΕΘΕΣΕ ΜΑΡΤΥΣ ΕΙΣ ΤΗΝ ΔΙΚΗΝ ΝΑΖΙΣΤΩΝ

ΦΡΑΓΚΦΟΥΡΤΗ, 14. (Ρώυτερ).— Μάρτυς εἰς τήν δίκην τῶν πρώην φρουρῶν τοῦ στρατοπέδου Ἄουσβιτς περιέγραψε τάς συνθήκας τοῦ στρατοπέδου παρομοιάσας αὐτάς πρός τήν «Κόλασιν» τοῦ Δάντη.

ΦΡΑΓΚΦΟΥΡΤΗ, 14. (Ρώυτερ).— Μάρτυς εἰς τήν δίκην τῶν πρώην φρουρῶν τοῦ στρατοπέδου Ἄουσβιτς περιέγραψε τάς συνθήκας τοῦ στρατοπέδου παρομοιάσας αὐτάς πρός τήν «Κόλασιν» τοῦ Δάντη.

ΗΡΧΙΣΑΝ ΑΙ ΕΡΓΑΣΙΑΙ ΕΙΣ ΤΣΕΧΟΣΛΟΒΑΚΙΑΝ ΤΗΣ 13ΗΣ ΔΙΕΘΝΟΥΣ ΠΥΡΗΝΙΚΗΣ ΔΙΑΣΚΕΨΕΩΣ ΜΕ ΣΥΜΜΕΤΟΧΗΝ ΕΠΙΣΤΗΜΟΝΩΝ ΕΞ 24 ΧΩΡΩΝ

ΚΑΡΛΟΒΥ ΒΑΡΥ, Τσεχοσλοβακία, 14.— Ἤρχισαν σήμερον αἱ ἐργασίαι τῆς 13ης διεθνοῦς πυρηνικῆς διασκέψεως μέ συμμετοχήν ἐπιστημόνων ἐξ 24 χωρῶν.

ΚΑΡΛΟΒΥ ΒΑΡΥ, Τσεχοσλοβακία, 14.— Ἤρχισαν σήμερον αἱ ἐργασίαι τῆς 13ης διεθνοῦς πυρηνικῆς διασκέψεως μέ συμμετοχήν ἐπιστημόνων ἐξ 24 χωρῶν.

ΜΑΖΙΚΟΣ ΕΜΒΟΛΙΑΣΜΟΣ ΤΩΝ ΠΑΙΔΙΩΝ ΕΙΣ ΤΗΝ ΙΝΔΙΑΝ ΛΟΓΩ ΑΥΞΗΣΕΩΣ ΤΩΝ ΚΡΟΥΣΜΑΤΩΝ ΧΟΛΕΡΑΣ ΚΑΙ ΤΥΦΟΥ

ΝΕΟΝ ΔΕΛΧΙ, 14. (Ρώυτερ).— Μαζικός ἐμβολιασμός τῶν παιδιῶν ἄρχεται εἰς τήν Ἰνδίαν λόγῳ τῆς αὐξήσεως τῶν κρουσμάτων χολέρας καί τύφου.

ΝΕΟΝ ΔΕΛΧΙ, 14. (Ρώυτερ).— Μαζικός ἐμβολιασμός τῶν παιδιῶν ἄρχεται εἰς τήν Ἰνδίαν λόγῳ τῆς αὐξήσεως τῶν κρουσμάτων χολέρας καί τύφου.

Ο ΠΡΩΘΥΠΟΥΡΓΟΣ ΤΗΣ Η.Α.Δ. ΕΙΣ ΜΟΣΧΑΝ ΔΙΑ ΣΕΙΡΑΝ ΟΙΚΟΝΟΜΙΚΩΝ ΣΥΝΟΜΙΛΙΩΝ

ΜΟΣΧΑ, 14. (Ρώυτερ).— Ὁ πρωθυπουργός τῆς Ἡνωμένης Ἀραβικῆς Δημοκρατίας ἀφίχθη εἰς Μόσχαν διά σειράν οἰκονομικῶν συνομιλιῶν μέ τούς Σοβιετικούς ἡγέτας.

ΜΟΣΧΑ, 14. (Ρώυτερ).— Ὁ πρωθυπουργός τῆς Ἡνωμένης Ἀραβικῆς Δημοκρατίας ἀφίχθη εἰς Μόσχαν διά σειράν οἰκονομικῶν συνομιλιῶν μέ τούς Σοβιετικούς ἡγέτας.
